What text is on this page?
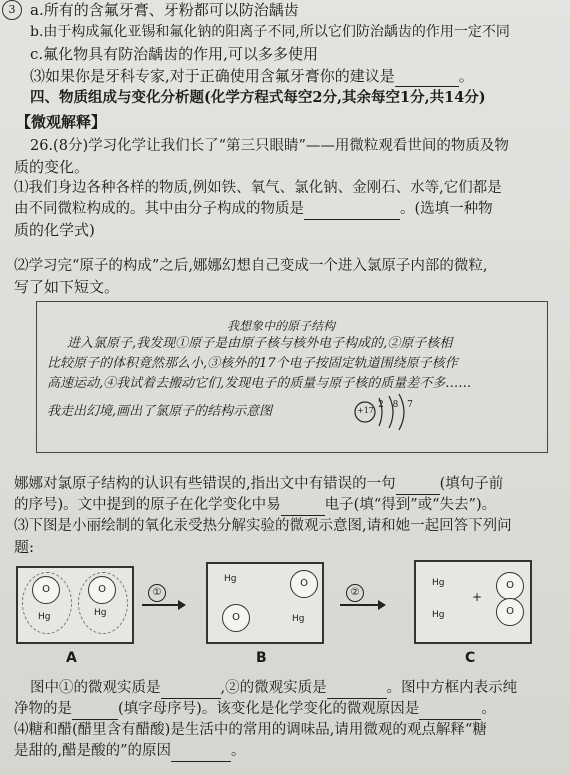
3 a.所有的含氟牙膏、牙粉都可以防治龋齿
b.由于构成氟化亚锡和氟化钠的阳离子不同,所以它们防治龋齿的作用一定不同
c.氟化物具有防治龋齿的作用,可以多多使用
⑶如果你是牙科专家,对于正确使用含氟牙膏你的建议是	。
四、物质组成与变化分析题(化学方程式每空2分,其余每空1分,共14分)
【微观解释】
26.(8分)学习化学让我们长了“第三只眼睛”——用微粒观看世间的物质及物
质的变化。
⑴我们身边各种各样的物质,例如铁、氧气、氯化钠、金刚石、水等,它们都是
由不同微粒构成的。其中由分子构成的物质是	。(选填一种物
质的化学式)
⑵学习完“原子的构成”之后,娜娜幻想自己变成一个进入氯原子内部的微粒,
写了如下短文。
我想象中的原子结构
进入氯原子,我发现①原子是由原子核与核外电子构成的,②原子核相
比较原子的体积竟然那么小,③核外的17个电子按固定轨道围绕原子核作
高速运动,④我试着去搬动它们,发现电子的质量与原子核的质量差不多……
我走出幻境,画出了氯原子的结构示意图	+17
2 8 7
娜娜对氯原子结构的认识有些错误的,指出文中有错误的一句	(填句子前
的序号)。文中提到的原子在化学变化中易	电子(填“得到”或“失去”)。
⑶下图是小丽绘制的氧化汞受热分解实验的微观示意图,请和她一起回答下列问
题:
O
Hg
O
Hg
A
①
Hg	O
O	Hg
B
②
Hg
Hg
+
O
O
C
图中①的微观实质是	,②的微观实质是	。图中方框内表示纯
净物的是	(填字母序号)。该变化是化学变化的微观原因是	。
⑷糖和醋(醋里含有醋酸)是生活中的常用的调味品,请用微观的观点解释“糖
是甜的,醋是酸的”的原因	。
